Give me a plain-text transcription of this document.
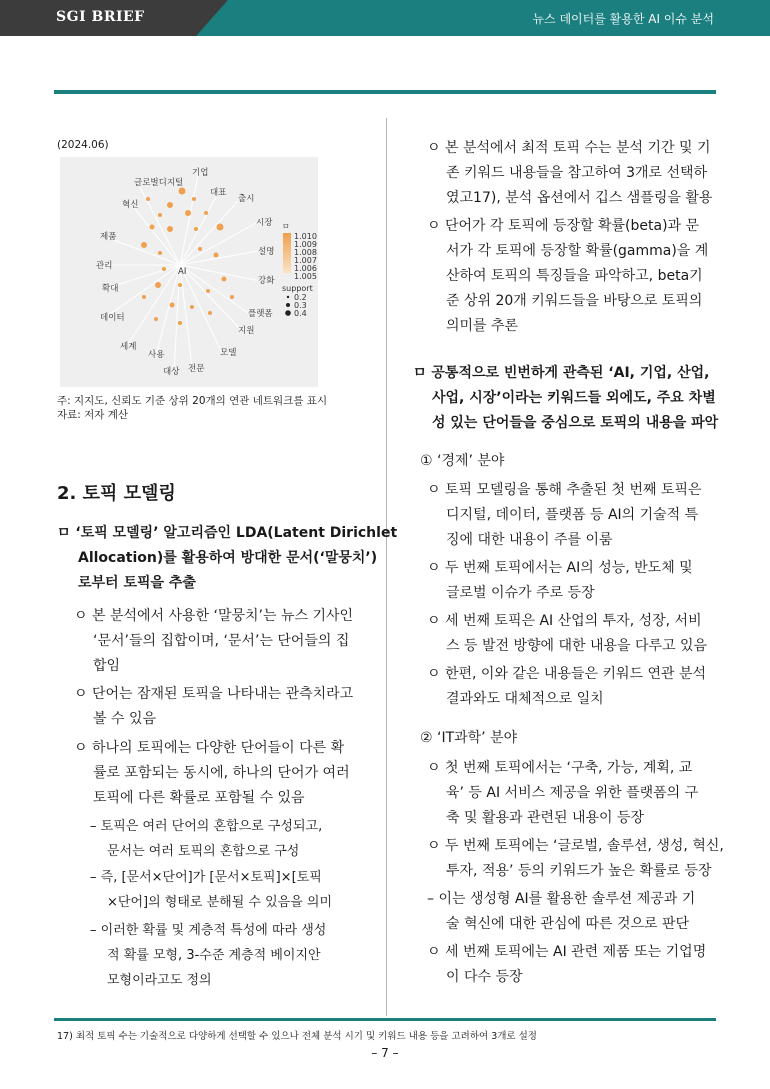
SGI BRIEF	뉴스 데이터를 활용한 AI 이슈 분석
(2024.06)
글로벌디지털
기업
혁신
대표
출시
시장
제품
설명
관리
강화
확대
플랫폼
데이터
지원
세계
모델
사용
대상 전문
AI
ㅁ
1.010
1.009
1.008
1.007
1.006
1.005
support
0.2
0.3
0.4
주: 지지도, 신뢰도 기준 상위 20개의 연관 네트워크를 표시
자료: 저자 계산
2. 토픽 모델링
ㅁ ‘토픽 모델링’ 알고리즘인 LDA(Latent Dirichlet
Allocation)를 활용하여 방대한 문서(‘말뭉치’)
로부터 토픽을 추출
ㅇ 본 분석에서 사용한 ‘말뭉치’는 뉴스 기사인
‘문서’들의 집합이며, ‘문서’는 단어들의 집
합임
ㅇ 단어는 잠재된 토픽을 나타내는 관측치라고
볼 수 있음
ㅇ 하나의 토픽에는 다양한 단어들이 다른 확
률로 포함되는 동시에, 하나의 단어가 여러
토픽에 다른 확률로 포함될 수 있음
– 토픽은 여러 단어의 혼합으로 구성되고,
문서는 여러 토픽의 혼합으로 구성
– 즉, [문서×단어]가 [문서×토픽]×[토픽
×단어]의 형태로 분해될 수 있음을 의미
– 이러한 확률 및 계층적 특성에 따라 생성
적 확률 모형, 3-수준 계층적 베이지안
모형이라고도 정의
ㅇ 본 분석에서 최적 토픽 수는 분석 기간 및 기
존 키워드 내용들을 참고하여 3개로 선택하
였고17), 분석 옵션에서 깁스 샘플링을 활용
ㅇ 단어가 각 토픽에 등장할 확률(beta)과 문
서가 각 토픽에 등장할 확률(gamma)을 계
산하여 토픽의 특징들을 파악하고, beta기
준 상위 20개 키워드들을 바탕으로 토픽의
의미를 추론
ㅁ 공통적으로 빈번하게 관측된 ‘AI, 기업, 산업,
사업, 시장’이라는 키워드들 외에도, 주요 차별
성 있는 단어들을 중심으로 토픽의 내용을 파악
① ‘경제’ 분야
ㅇ 토픽 모델링을 통해 추출된 첫 번째 토픽은
디지털, 데이터, 플랫폼 등 AI의 기술적 특
징에 대한 내용이 주를 이룸
ㅇ 두 번째 토픽에서는 AI의 성능, 반도체 및
글로벌 이슈가 주로 등장
ㅇ 세 번째 토픽은 AI 산업의 투자, 성장, 서비
스 등 발전 방향에 대한 내용을 다루고 있음
ㅇ 한편, 이와 같은 내용들은 키워드 연관 분석
결과와도 대체적으로 일치
② ‘IT과학’ 분야
ㅇ 첫 번째 토픽에서는 ‘구축, 가능, 계획, 교
육’ 등 AI 서비스 제공을 위한 플랫폼의 구
축 및 활용과 관련된 내용이 등장
ㅇ 두 번째 토픽에는 ‘글로벌, 솔루션, 생성, 혁신,
투자, 적용’ 등의 키워드가 높은 확률로 등장
– 이는 생성형 AI를 활용한 솔루션 제공과 기
술 혁신에 대한 관심에 따른 것으로 판단
ㅇ 세 번째 토픽에는 AI 관련 제품 또는 기업명
이 다수 등장
17) 최적 토픽 수는 기술적으로 다양하게 선택할 수 있으나 전체 분석 시기 및 키워드 내용 등을 고려하여 3개로 설정
– 7 –
